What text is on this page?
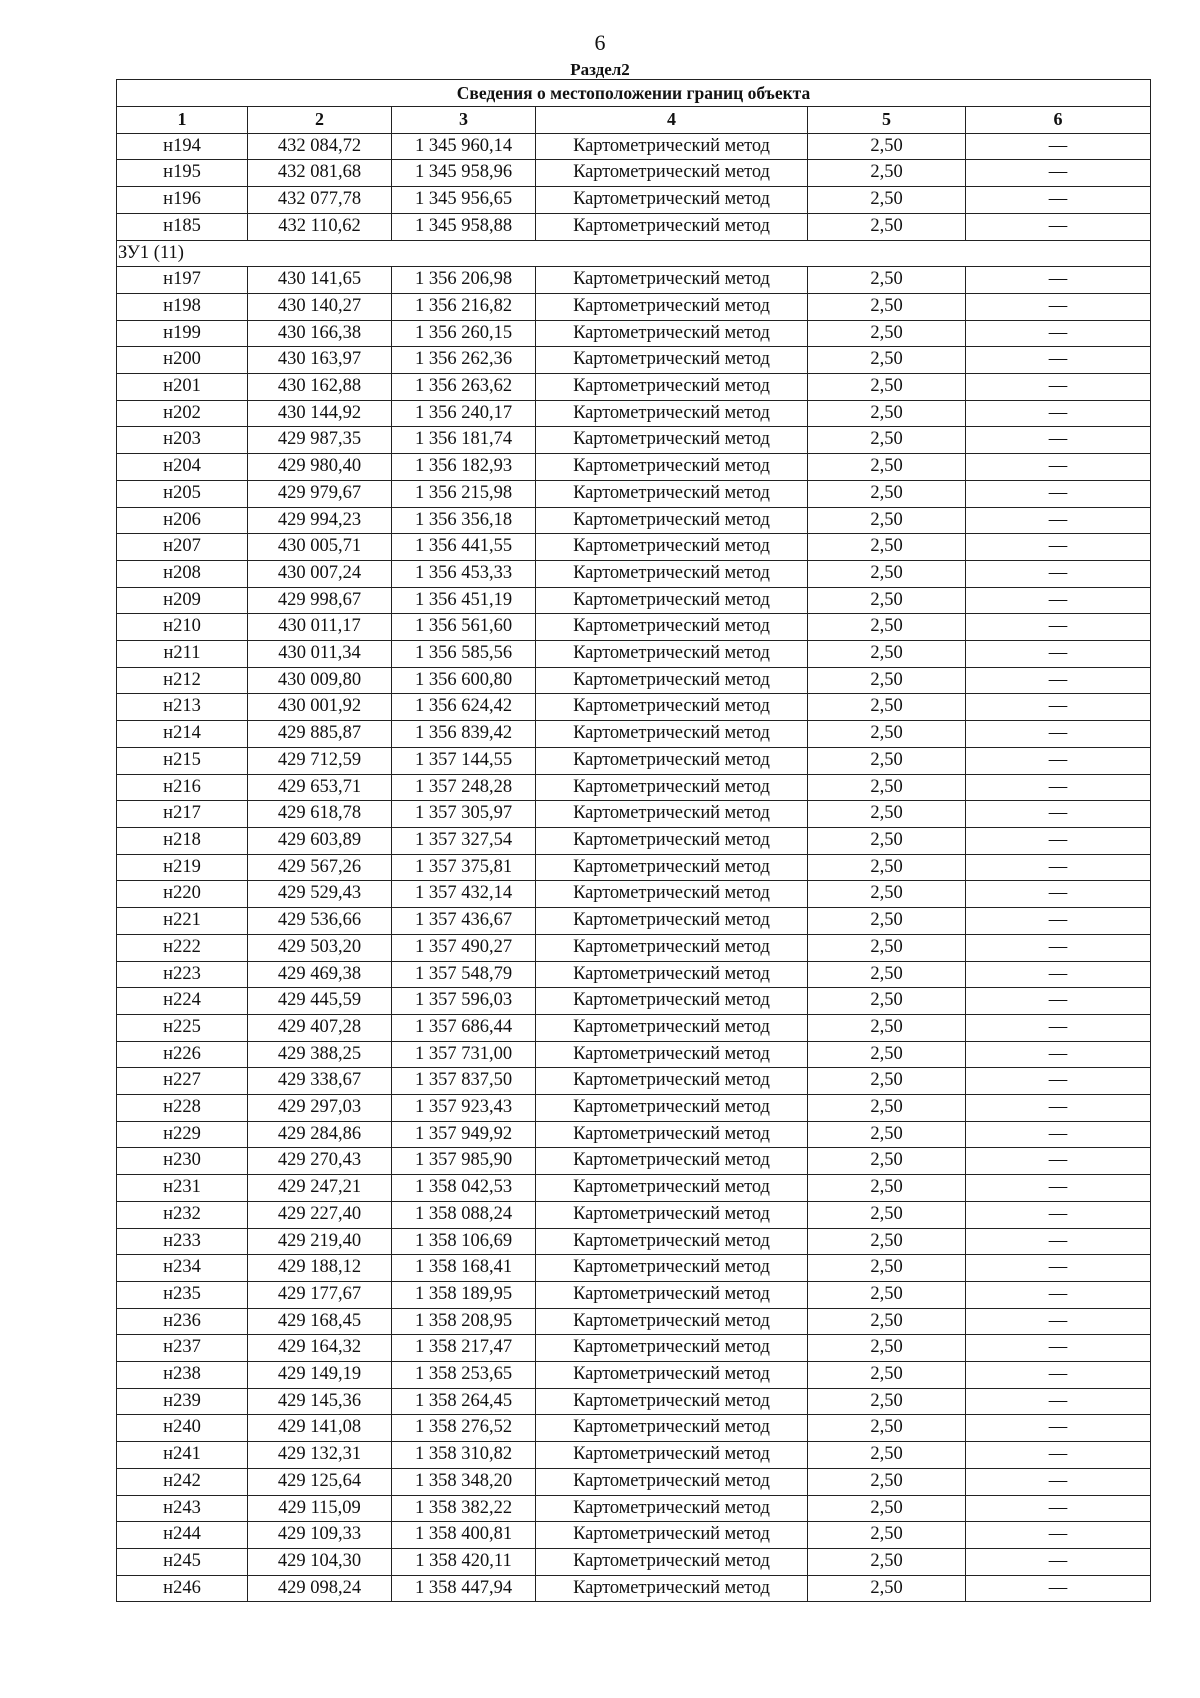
6
Раздел2
Сведения о местоположении границ объекта					
1	2	3	4	5	6
н194	432 084,72	1 345 960,14	Картометрический метод	2,50	—
н195	432 081,68	1 345 958,96	Картометрический метод	2,50	—
н196	432 077,78	1 345 956,65	Картометрический метод	2,50	—
н185	432 110,62	1 345 958,88	Картометрический метод	2,50	—
ЗУ1 (11)					
н197	430 141,65	1 356 206,98	Картометрический метод	2,50	—
н198	430 140,27	1 356 216,82	Картометрический метод	2,50	—
н199	430 166,38	1 356 260,15	Картометрический метод	2,50	—
н200	430 163,97	1 356 262,36	Картометрический метод	2,50	—
н201	430 162,88	1 356 263,62	Картометрический метод	2,50	—
н202	430 144,92	1 356 240,17	Картометрический метод	2,50	—
н203	429 987,35	1 356 181,74	Картометрический метод	2,50	—
н204	429 980,40	1 356 182,93	Картометрический метод	2,50	—
н205	429 979,67	1 356 215,98	Картометрический метод	2,50	—
н206	429 994,23	1 356 356,18	Картометрический метод	2,50	—
н207	430 005,71	1 356 441,55	Картометрический метод	2,50	—
н208	430 007,24	1 356 453,33	Картометрический метод	2,50	—
н209	429 998,67	1 356 451,19	Картометрический метод	2,50	—
н210	430 011,17	1 356 561,60	Картометрический метод	2,50	—
н211	430 011,34	1 356 585,56	Картометрический метод	2,50	—
н212	430 009,80	1 356 600,80	Картометрический метод	2,50	—
н213	430 001,92	1 356 624,42	Картометрический метод	2,50	—
н214	429 885,87	1 356 839,42	Картометрический метод	2,50	—
н215	429 712,59	1 357 144,55	Картометрический метод	2,50	—
н216	429 653,71	1 357 248,28	Картометрический метод	2,50	—
н217	429 618,78	1 357 305,97	Картометрический метод	2,50	—
н218	429 603,89	1 357 327,54	Картометрический метод	2,50	—
н219	429 567,26	1 357 375,81	Картометрический метод	2,50	—
н220	429 529,43	1 357 432,14	Картометрический метод	2,50	—
н221	429 536,66	1 357 436,67	Картометрический метод	2,50	—
н222	429 503,20	1 357 490,27	Картометрический метод	2,50	—
н223	429 469,38	1 357 548,79	Картометрический метод	2,50	—
н224	429 445,59	1 357 596,03	Картометрический метод	2,50	—
н225	429 407,28	1 357 686,44	Картометрический метод	2,50	—
н226	429 388,25	1 357 731,00	Картометрический метод	2,50	—
н227	429 338,67	1 357 837,50	Картометрический метод	2,50	—
н228	429 297,03	1 357 923,43	Картометрический метод	2,50	—
н229	429 284,86	1 357 949,92	Картометрический метод	2,50	—
н230	429 270,43	1 357 985,90	Картометрический метод	2,50	—
н231	429 247,21	1 358 042,53	Картометрический метод	2,50	—
н232	429 227,40	1 358 088,24	Картометрический метод	2,50	—
н233	429 219,40	1 358 106,69	Картометрический метод	2,50	—
н234	429 188,12	1 358 168,41	Картометрический метод	2,50	—
н235	429 177,67	1 358 189,95	Картометрический метод	2,50	—
н236	429 168,45	1 358 208,95	Картометрический метод	2,50	—
н237	429 164,32	1 358 217,47	Картометрический метод	2,50	—
н238	429 149,19	1 358 253,65	Картометрический метод	2,50	—
н239	429 145,36	1 358 264,45	Картометрический метод	2,50	—
н240	429 141,08	1 358 276,52	Картометрический метод	2,50	—
н241	429 132,31	1 358 310,82	Картометрический метод	2,50	—
н242	429 125,64	1 358 348,20	Картометрический метод	2,50	—
н243	429 115,09	1 358 382,22	Картометрический метод	2,50	—
н244	429 109,33	1 358 400,81	Картометрический метод	2,50	—
н245	429 104,30	1 358 420,11	Картометрический метод	2,50	—
н246	429 098,24	1 358 447,94	Картометрический метод	2,50	—
